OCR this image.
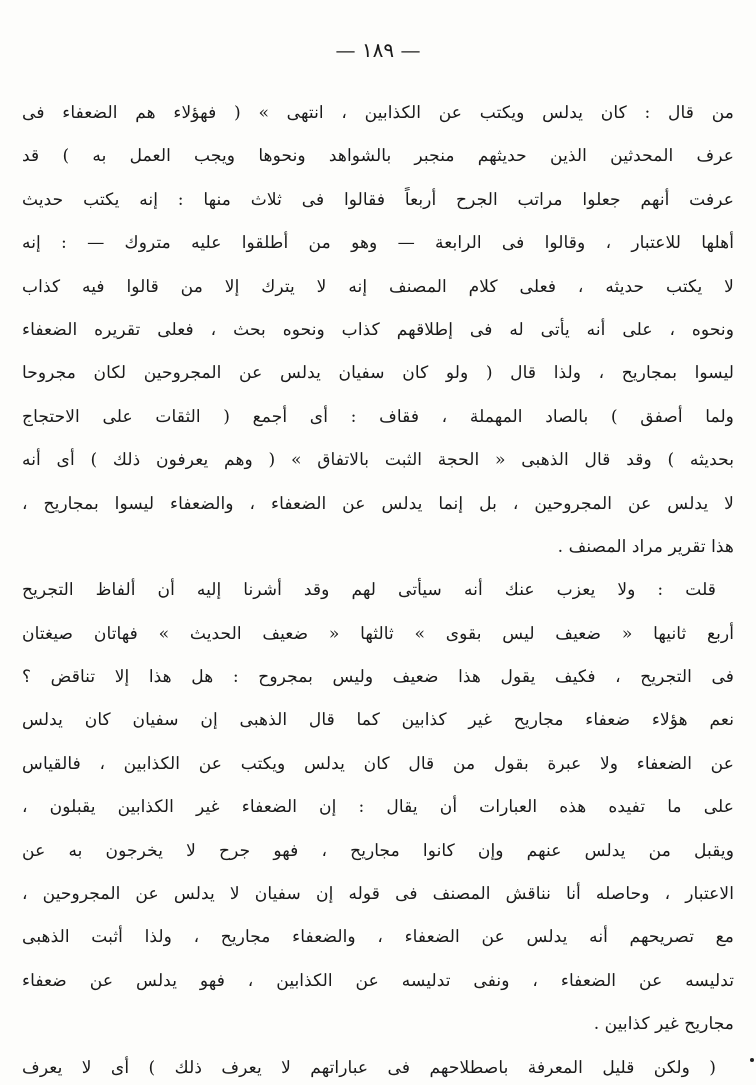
— ١٨٩ —
من قال : كان يدلس ويكتب عن الكذابين ، انتهى » ( فهؤلاء هم الضعفاء فى
عرف المحدثين الذين حديثهم منجبر بالشواهد ونحوها ويجب العمل به ) قد
عرفت أنهم جعلوا مراتب الجرح أربعاً فقالوا فى ثلاث منها : إنه يكتب حديث
أهلها للاعتبار ، وقالوا فى الرابعة — وهو من أطلقوا عليه متروك — : إنه
لا يكتب حديثه ، فعلى كلام المصنف إنه لا يترك إلا من قالوا فيه كذاب
ونحوه ، على أنه يأتى له فى إطلاقهم كذاب ونحوه بحث ، فعلى تقريره الضعفاء
ليسوا بمجاريح ، ولذا قال ( ولو كان سفيان يدلس عن المجروحين لكان مجروحا
ولما أصفق ) بالصاد المهملة ، فقاف : أى أجمع ( الثقات على الاحتجاج
بحديثه ) وقد قال الذهبى « الحجة الثبت بالاتفاق » ( وهم يعرفون ذلك ) أى أنه
لا يدلس عن المجروحين ، بل إنما يدلس عن الضعفاء ، والضعفاء ليسوا بمجاريح ،
هذا تقرير مراد المصنف .
قلت : ولا يعزب عنك أنه سيأتى لهم وقد أشرنا إليه أن ألفاظ التجريح
أربع ثانيها « ضعيف ليس بقوى » ثالثها « ضعيف الحديث » فهاتان صيغتان
فى التجريح ، فكيف يقول هذا ضعيف وليس بمجروح : هل هذا إلا تناقض ؟
نعم هؤلاء ضعفاء مجاريح غير كذابين كما قال الذهبى إن سفيان كان يدلس
عن الضعفاء ولا عبرة بقول من قال كان يدلس ويكتب عن الكذابين ، فالقياس
على ما تفيده هذه العبارات أن يقال : إن الضعفاء غير الكذابين يقبلون ،
ويقبل من يدلس عنهم وإن كانوا مجاريح ، فهو جرح لا يخرجون به عن
الاعتبار ، وحاصله أنا نناقش المصنف فى قوله إن سفيان لا يدلس عن المجروحين ،
مع تصريحهم أنه يدلس عن الضعفاء ، والضعفاء مجاريح ، ولذا أثبت الذهبى
تدليسه عن الضعفاء ، ونفى تدليسه عن الكذابين ، فهو يدلس عن ضعفاء
مجاريح غير كذابين .
( ولكن قليل المعرفة باصطلاحهم فى عباراتهم لا يعرف ذلك ) أى لا يعرف
